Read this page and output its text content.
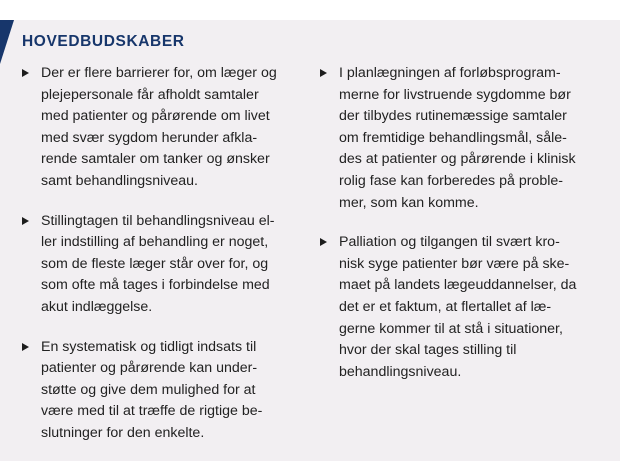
HOVEDBUDSKABER
Der er flere barrierer for, om læger og
plejepersonale får afholdt samtaler
med patienter og pårørende om livet
med svær sygdom herunder afkla-
rende samtaler om tanker og ønsker
samt behandlingsniveau.
Stillingtagen til behandlingsniveau el-
ler indstilling af behandling er noget,
som de fleste læger står over for, og
som ofte må tages i forbindelse med
akut indlæggelse.
En systematisk og tidligt indsats til
patienter og pårørende kan under-
støtte og give dem mulighed for at
være med til at træffe de rigtige be-
slutninger for den enkelte.
I planlægningen af forløbsprogram-
merne for livstruende sygdomme bør
der tilbydes rutinemæssige samtaler
om fremtidige behandlingsmål, såle-
des at patienter og pårørende i klinisk
rolig fase kan forberedes på proble-
mer, som kan komme.
Palliation og tilgangen til svært kro-
nisk syge patienter bør være på ske-
maet på landets lægeuddannelser, da
det er et faktum, at flertallet af læ-
gerne kommer til at stå i situationer,
hvor der skal tages stilling til
behandlingsniveau.
